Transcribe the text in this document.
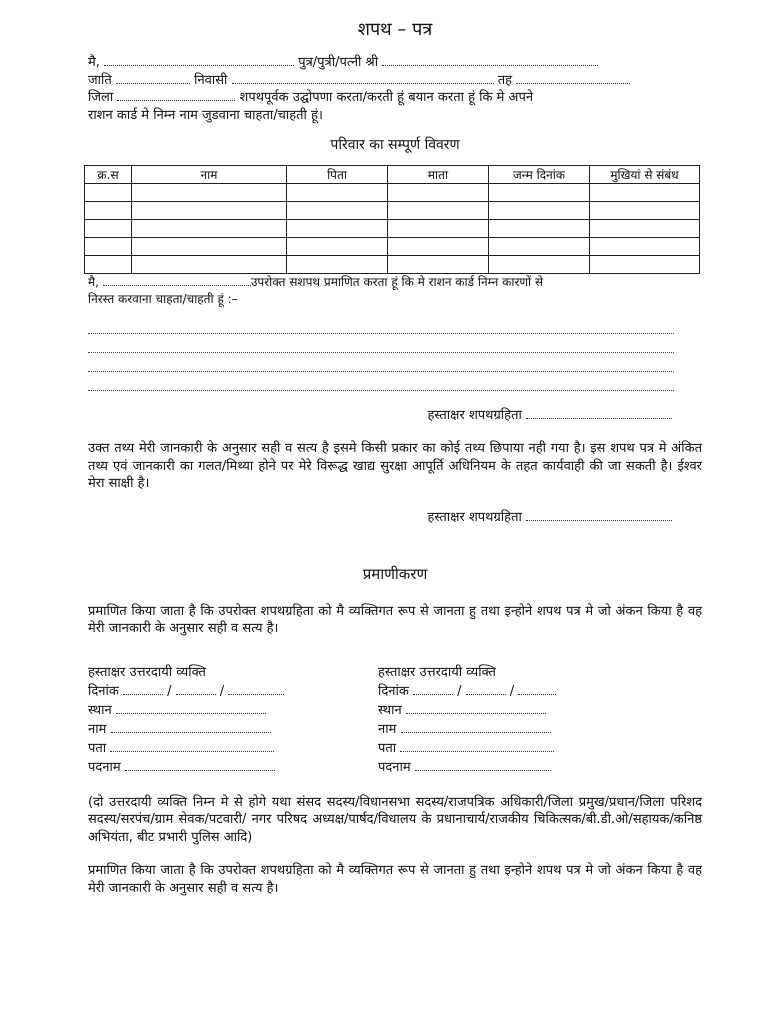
शपथ – पत्र
मै,	पुत्र/पुत्री/पत्नी श्री
जाति	निवासी	तह
जिला	शपथपूर्वक उद्घोपणा करता/करती हूं बयान करता हूं कि मे अपने
राशन कार्ड मे निम्न नाम जुडवाना चाहता/चाहती हूं।
परिवार का सम्पूर्ण विवरण
क्र.स	नाम	पिता	माता	जन्म दिनांक	मुखियां से संबंध

मै,	उपरोक्त सशपथ प्रमाणित करता हूं कि मे राशन कार्ड निम्न कारणों से
निरस्त करवाना चाहता/चाहती हूं :–
हस्ताक्षर शपथग्रहिता

उक्त तथ्य मेरी जानकारी के अनुसार सही व सत्य है इसमे किसी प्रकार का कोई तथ्य छिपाया नही गया है। इस शपथ पत्र मे अंकित तथ्य एवं जानकारी का गलत/मिथ्या होने पर मेरे विरूद्ध खाद्य सुरक्षा आपूर्ति अधिनियम के तहत कार्यवाही की जा सकती है। ईश्वर मेरा साक्षी है।

हस्ताक्षर शपथग्रहिता
प्रमाणीकरण

प्रमाणित किया जाता है कि उपरोक्त शपथग्रहिता को मै व्यक्तिगत रूप से जानता हु तथा इन्होने शपथ पत्र मे जो अंकन किया है वह मेरी जानकारी के अनुसार सही व सत्य है।

हस्ताक्षर उत्तरदायी व्यक्ति
दिनांक	/	/
स्थान
नाम
पता
पदनाम
हस्ताक्षर उत्तरदायी व्यक्ति
दिनांक	/	/
स्थान
नाम
पता
पदनाम

(दो उत्तरदायी व्यक्ति निम्न मे से होगे यथा संसद सदस्य/विधानसभा सदस्य/राजपत्रिक अधिकारी/जिला प्रमुख/प्रधान/जिला परिशद सदस्य/सरपंच/ग्राम सेवक/पटवारी/ नगर परिषद अध्यक्ष/पार्षद/विधालय के प्रधानाचार्य/राजकीय चिकित्सक/बी.डी.ओ/सहायक/कनिष्ठ अभियंता, बीट प्रभारी पुलिस आदि)

प्रमाणित किया जाता है कि उपरोक्त शपथग्रहिता को मै व्यक्तिगत रूप से जानता हु तथा इन्होने शपथ पत्र मे जो अंकन किया है वह मेरी जानकारी के अनुसार सही व सत्य है।
